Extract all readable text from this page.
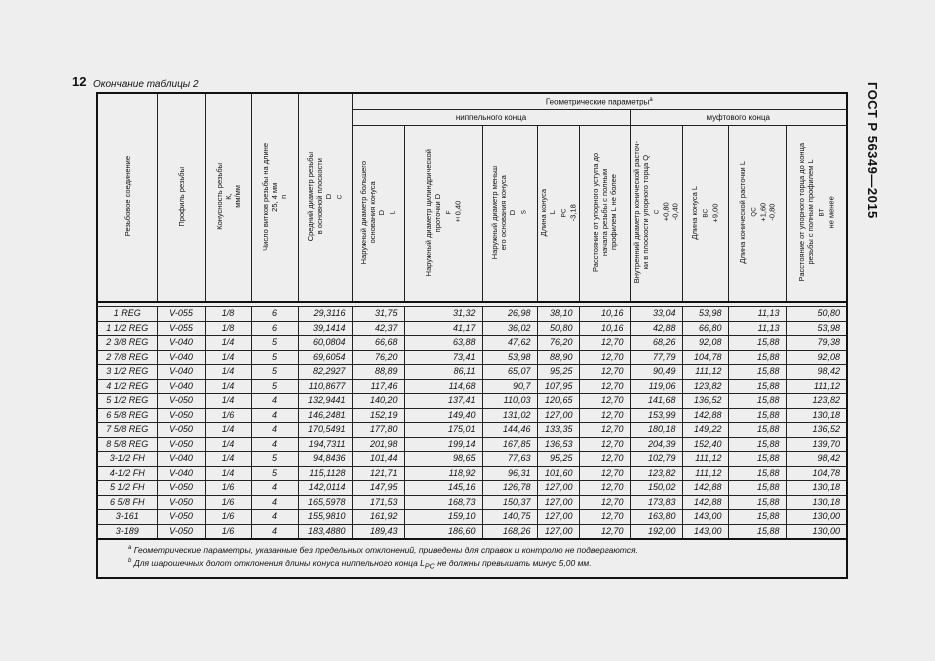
12 Окончание таблицы 2	ГОСТ Р 56349—2015
Резьбовое соединение	Профиль резьбы	Конусность резьбы К, мм/мм	Число витков резьбы на длине 25, 4 мм n	Средний диаметр резьбы в основной плоскости D $_С$	Геометрические параметры$^a$
					ниппельного конца					муфтового конца			

					Наружный диаметр большего основания конуса D $_L$	Наружный диаметр цилиндрической проточки D $_F$ ±0,40	Наружный диаметр меньш его основания конуса D $_S$	Длина конуса L $_{PC}$ -3,18	Расстояние от упорного уступа до начала резьбы с полным профилем L не более	Внутренний диаметр конической расточ- ки в плоскости упорного торца Q $_C$ +0,80 -0,40	Длина конуса L $_{BC}$ +9,00	Длина конической расточки L $_{QC}$ +1,60 -0,80	Расстояние от упорного торца до конца резьбы с полным профилем L $_{BT}$ не менее

1 REG	V-055	1/8	6	29,3116	31,75	31,32	26,98	38,10	10,16	33,04	53,98	11,13	50,80
1 1/2 REG	V-055	1/8	6	39,1414	42,37	41,17	36,02	50,80	10,16	42,88	66,80	11,13	53,98
2 3/8 REG	V-040	1/4	5	60,0804	66,68	63,88	47,62	76,20	12,70	68,26	92,08	15,88	79,38
2 7/8 REG	V-040	1/4	5	69,6054	76,20	73,41	53,98	88,90	12,70	77,79	104,78	15,88	92,08
3 1/2 REG	V-040	1/4	5	82,2927	88,89	86,11	65,07	95,25	12,70	90,49	111,12	15,88	98,42
4 1/2 REG	V-040	1/4	5	110,8677	117,46	114,68	90,7	107,95	12,70	119,06	123,82	15,88	111,12
5 1/2 REG	V-050	1/4	4	132,9441	140,20	137,41	110,03	120,65	12,70	141,68	136,52	15,88	123,82
6 5/8 REG	V-050	1/6	4	146,2481	152,19	149,40	131,02	127,00	12,70	153,99	142,88	15,88	130,18
7 5/8 REG	V-050	1/4	4	170,5491	177,80	175,01	144,46	133,35	12,70	180,18	149,22	15,88	136,52
8 5/8 REG	V-050	1/4	4	194,7311	201,98	199,14	167,85	136,53	12,70	204,39	152,40	15,88	139,70
3-1/2 FH	V-040	1/4	5	94,8436	101,44	98,65	77,63	95,25	12,70	102,79	111,12	15,88	98,42
4-1/2 FH	V-040	1/4	5	115,1128	121,71	118,92	96,31	101,60	12,70	123,82	111,12	15,88	104,78
5 1/2 FH	V-050	1/6	4	142,0114	147,95	145,16	126,78	127,00	12,70	150,02	142,88	15,88	130,18
6 5/8 FH	V-050	1/6	4	165,5978	171,53	168,73	150,37	127,00	12,70	173,83	142,88	15,88	130,18
3-161	V-050	1/6	4	155,9810	161,92	159,10	140,75	127,00	12,70	163,80	143,00	15,88	130,00
3-189	V-050	1/6	4	183,4880	189,43	186,60	168,26	127,00	12,70	192,00	143,00	15,88	130,00

$^a$ Геометрические параметры, указанные без предельных отклонений, приведены для справок и контролю не подвергаются.
$^b$ Для шарошечных долот отклонения длины конуса ниппельного конца $L_{PC}$ не должны превышать минус 5,00 мм.													
